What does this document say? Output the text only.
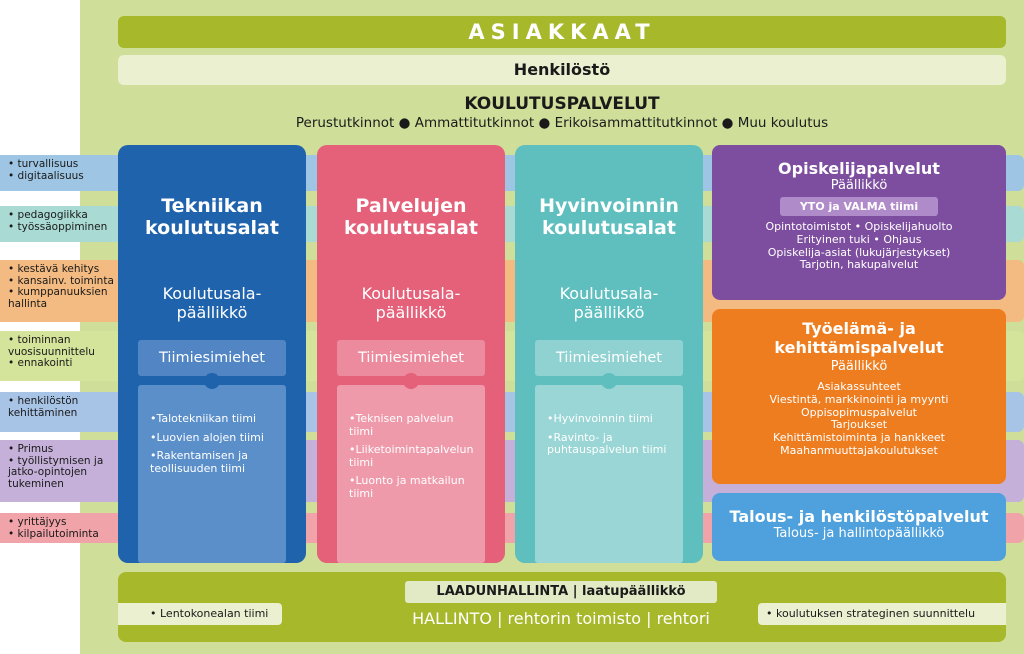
• turvallisuus
• digitaalisuus
• pedagogiikka
• työssäoppiminen
• kestävä kehitys
• kansainv. toiminta
• kumppanuuksien
hallinta
• toiminnan
vuosisuunnittelu
• ennakointi
• henkilöstön
kehittäminen
• Primus
• työllistymisen ja
jatko-opintojen
tukeminen
• yrittäjyys
• kilpailutoiminta
ASIAKKAAT
Henkilöstö
KOULUTUSPALVELUT
Perustutkinnot ● Ammattitutkinnot ● Erikoisammattitutkinnot ● Muu koulutus
Tekniikan
koulutusalat
Koulutusala-
päällikkö
•Talotekniikan tiimi
•Luovien alojen tiimi
•Rakentamisen ja teollisuuden tiimi
Tiimiesimiehet
Palvelujen
koulutusalat
Koulutusala-
päällikkö
•Teknisen palvelun tiimi
•Liiketoimintapalvelun tiimi
•Luonto ja matkailun tiimi
Tiimiesimiehet
Hyvinvoinnin
koulutusalat
Koulutusala-
päällikkö
•Hyvinvoinnin tiimi
•Ravinto- ja puhtauspalvelun tiimi
Tiimiesimiehet
Opiskelijapalvelut
Päällikkö
YTO ja VALMA tiimi
Opintotoimistot • Opiskelijahuolto
Erityinen tuki • Ohjaus
Opiskelija-asiat (lukujärjestykset)
Tarjotin, hakupalvelut
Työelämä- ja
kehittämispalvelut
Päällikkö
Asiakassuhteet
Viestintä, markkinointi ja myynti
Oppisopimuspalvelut
Tarjoukset
Kehittämistoiminta ja hankkeet
Maahanmuuttajakoulutukset
Talous- ja henkilöstöpalvelut
Talous- ja hallintopäällikkö
LAADUNHALLINTA | laatupäällikkö
HALLINTO | rehtorin toimisto | rehtori
• Lentokonealan tiimi	• koulutuksen strateginen suunnittelu
